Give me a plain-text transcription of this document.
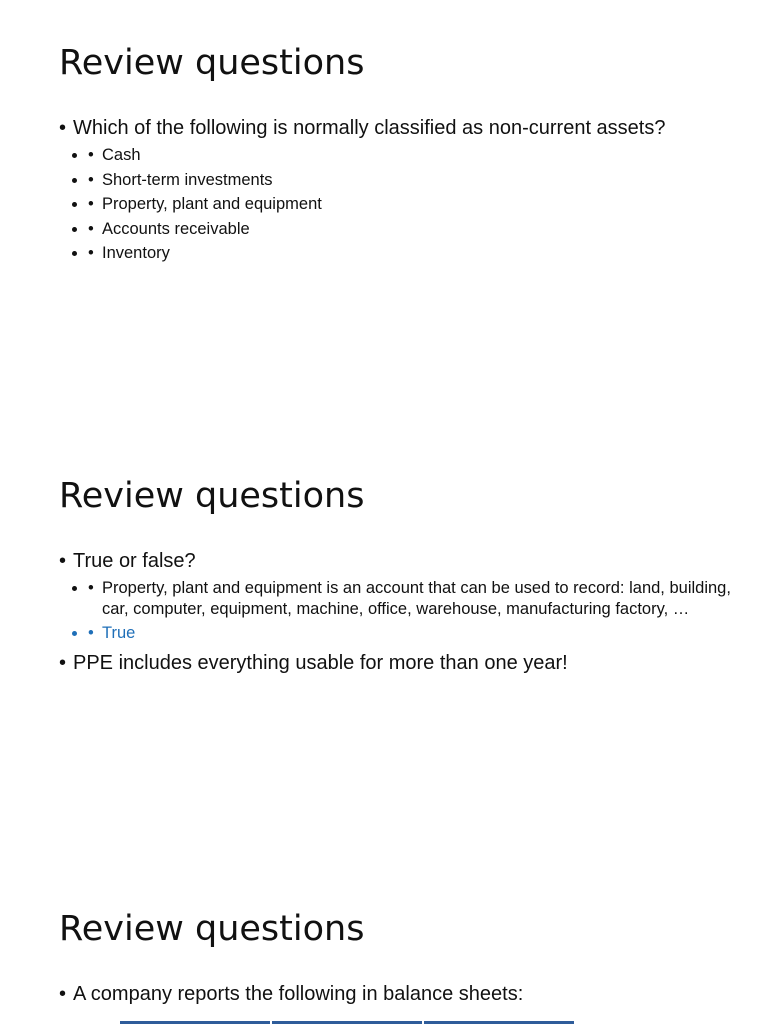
Review questions

• Which of the following is normally classified as non-current assets?

• • Cash
• • Short-term investments
• • Property, plant and equipment
• • Accounts receivable
• • Inventory
Review questions

• True or false?

• • Property, plant and equipment is an account that can be used to record: land, building, car, computer, equipment, machine, office, warehouse, manufacturing factory, …
• • True

• PPE includes everything usable for more than one year!

Review questions

• A company reports the following in balance sheets:
